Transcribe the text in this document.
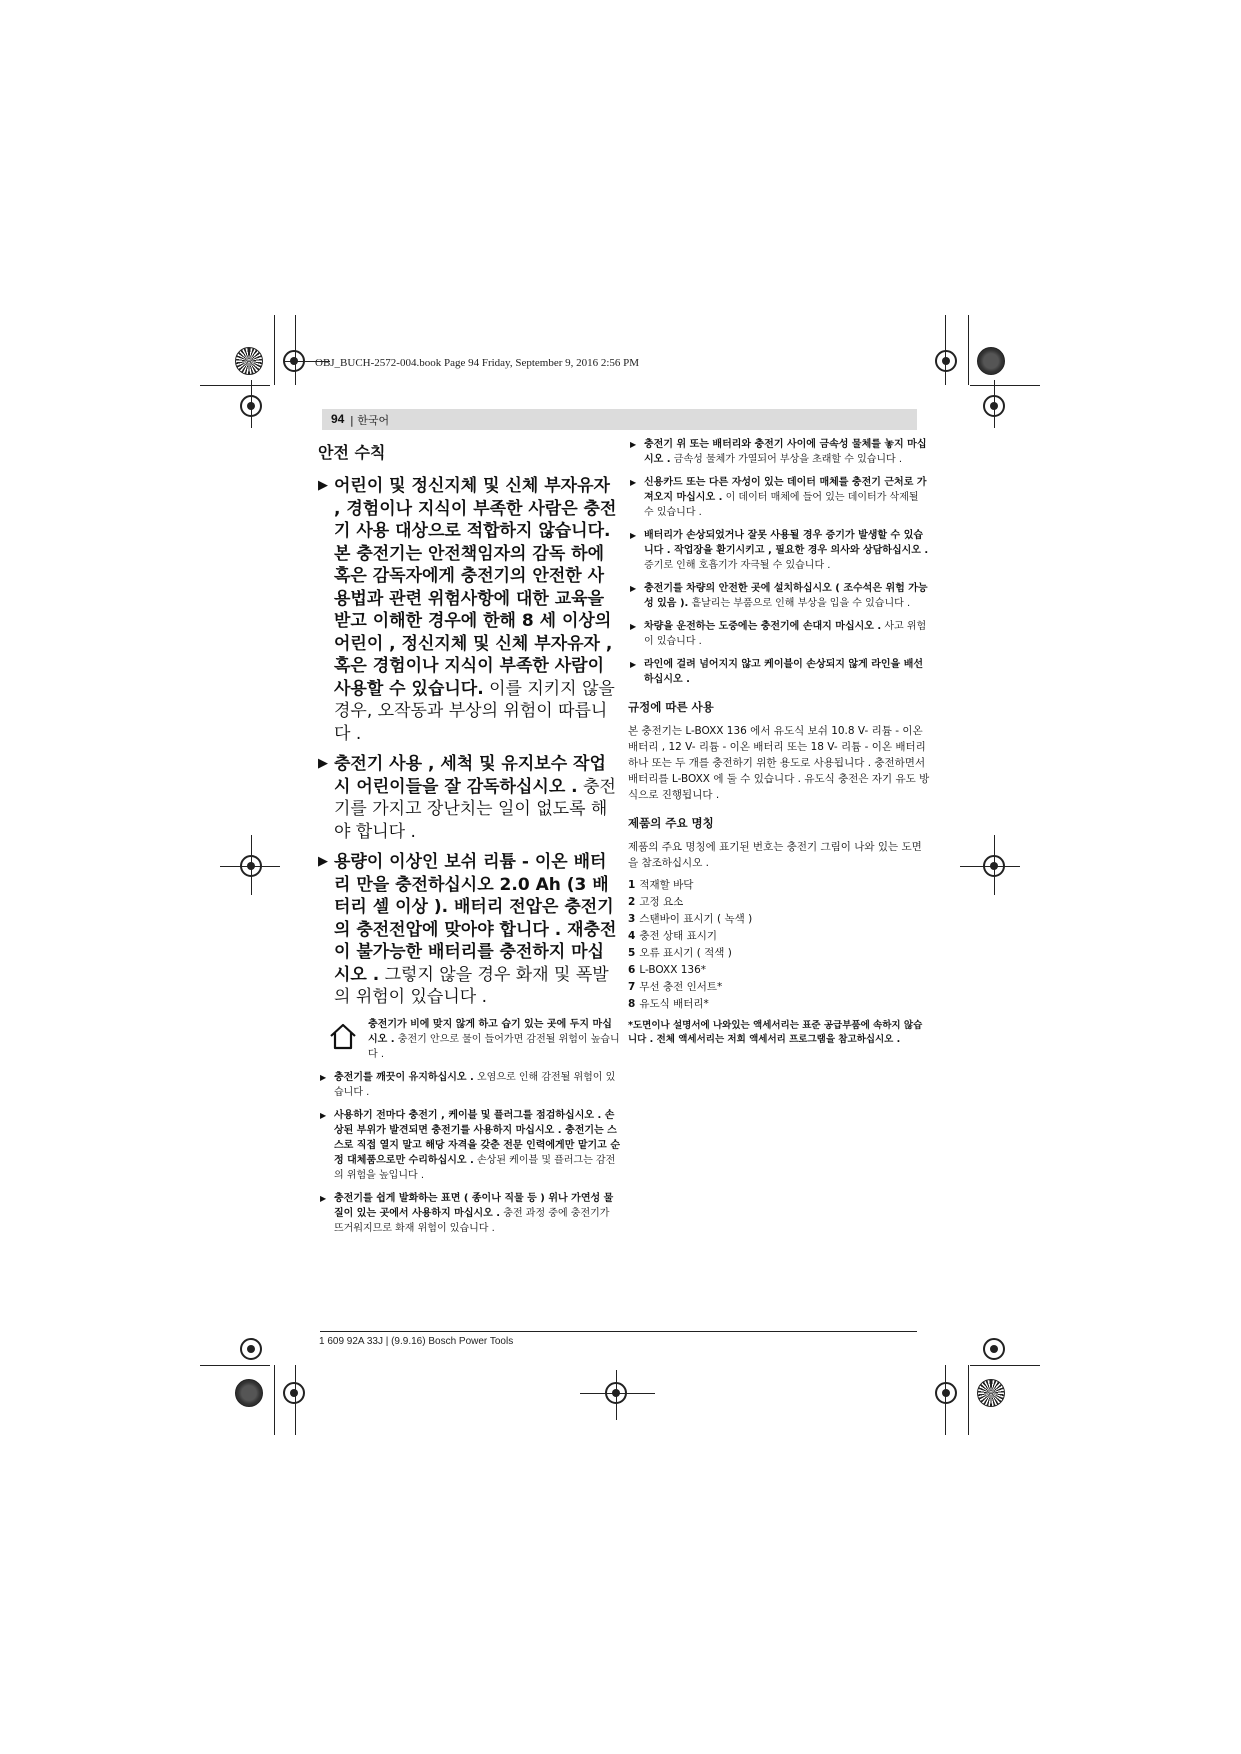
OBJ_BUCH-2572-004.book Page 94 Friday, September 9, 2016 2:56 PM
94 | 한국어
안전 수칙
▶ 어린이 및 정신지체 및 신체 부자유자 , 경험이나 지식이 부족한 사람은 충전기 사용 대상으로 적합하지 않습니다. 본 충전기는 안전책임자의 감독 하에 혹은 감독자에게 충전기의 안전한 사용법과 관련 위험사항에 대한 교육을 받고 이해한 경우에 한해 8 세 이상의 어린이 , 정신지체 및 신체 부자유자 , 혹은 경험이나 지식이 부족한 사람이 사용할 수 있습니다. 이를 지키지 않을 경우, 오작동과 부상의 위험이 따릅니다 .
▶ 충전기 사용 , 세척 및 유지보수 작업 시 어린이들을 잘 감독하십시오 . 충전기를 가지고 장난치는 일이 없도록 해야 합니다 .
▶ 용량이 이상인 보쉬 리튬 - 이온 배터리 만을 충전하십시오 2.0 Ah (3 배터리 셀 이상 ). 배터리 전압은 충전기의 충전전압에 맞아야 합니다 . 재충전이 불가능한 배터리를 충전하지 마십시오 . 그렇지 않을 경우 화재 및 폭발의 위험이 있습니다 .
충전기가 비에 맞지 않게 하고 습기 있는 곳에 두지 마십시오 . 충전기 안으로 물이 들어가면 감전될 위험이 높습니다 .
▶ 충전기를 깨끗이 유지하십시오 . 오염으로 인해 감전될 위험이 있습니다 .
▶ 사용하기 전마다 충전기 , 케이블 및 플러그를 점검하십시오 . 손상된 부위가 발견되면 충전기를 사용하지 마십시오 . 충전기는 스스로 직접 열지 말고 해당 자격을 갖춘 전문 인력에게만 맡기고 순정 대체품으로만 수리하십시오 . 손상된 케이블 및 플러그는 감전의 위험을 높입니다 .
▶ 충전기를 쉽게 발화하는 표면 ( 종이나 직물 등 ) 위나 가연성 물질이 있는 곳에서 사용하지 마십시오 . 충전 과정 중에 충전기가 뜨거워지므로 화재 위험이 있습니다 .
▶ 충전기 위 또는 배터리와 충전기 사이에 금속성 물체를 놓지 마십시오 . 금속성 물체가 가열되어 부상을 초래할 수 있습니다 .
▶ 신용카드 또는 다른 자성이 있는 데이터 매체를 충전기 근처로 가져오지 마십시오 . 이 데이터 매체에 들어 있는 데이터가 삭제될 수 있습니다 .
▶ 배터리가 손상되었거나 잘못 사용될 경우 증기가 발생할 수 있습니다 . 작업장을 환기시키고 , 필요한 경우 의사와 상담하십시오 . 증기로 인해 호흡기가 자극될 수 있습니다 .
▶ 충전기를 차량의 안전한 곳에 설치하십시오 ( 조수석은 위험 가능성 있음 ). 흩날리는 부품으로 인해 부상을 입을 수 있습니다 .
▶ 차량을 운전하는 도중에는 충전기에 손대지 마십시오 . 사고 위험이 있습니다 .
▶ 라인에 걸려 넘어지지 않고 케이블이 손상되지 않게 라인을 배선하십시오 .
규정에 따른 사용
본 충전기는 L-BOXX 136 에서 유도식 보쉬 10.8 V- 리튬 - 이온 배터리 , 12 V- 리튬 - 이온 배터리 또는 18 V- 리튬 - 이온 배터리 하나 또는 두 개를 충전하기 위한 용도로 사용됩니다 . 충전하면서 배터리를 L-BOXX 에 둘 수 있습니다 . 유도식 충전은 자기 유도 방식으로 진행됩니다 .
제품의 주요 명칭
제품의 주요 명칭에 표기된 번호는 충전기 그림이 나와 있는 도면을 참조하십시오 .
1 적재할 바닥
2 고정 요소
3 스탠바이 표시기 ( 녹색 )
4 충전 상태 표시기
5 오류 표시기 ( 적색 )
6 L-BOXX 136*
7 무선 충전 인서트*
8 유도식 배터리*
*도면이나 설명서에 나와있는 액세서리는 표준 공급부품에 속하지 않습니다 . 전체 액세서리는 저희 액세서리 프로그램을 참고하십시오 .
1 609 92A 33J | (9.9.16) Bosch Power Tools
